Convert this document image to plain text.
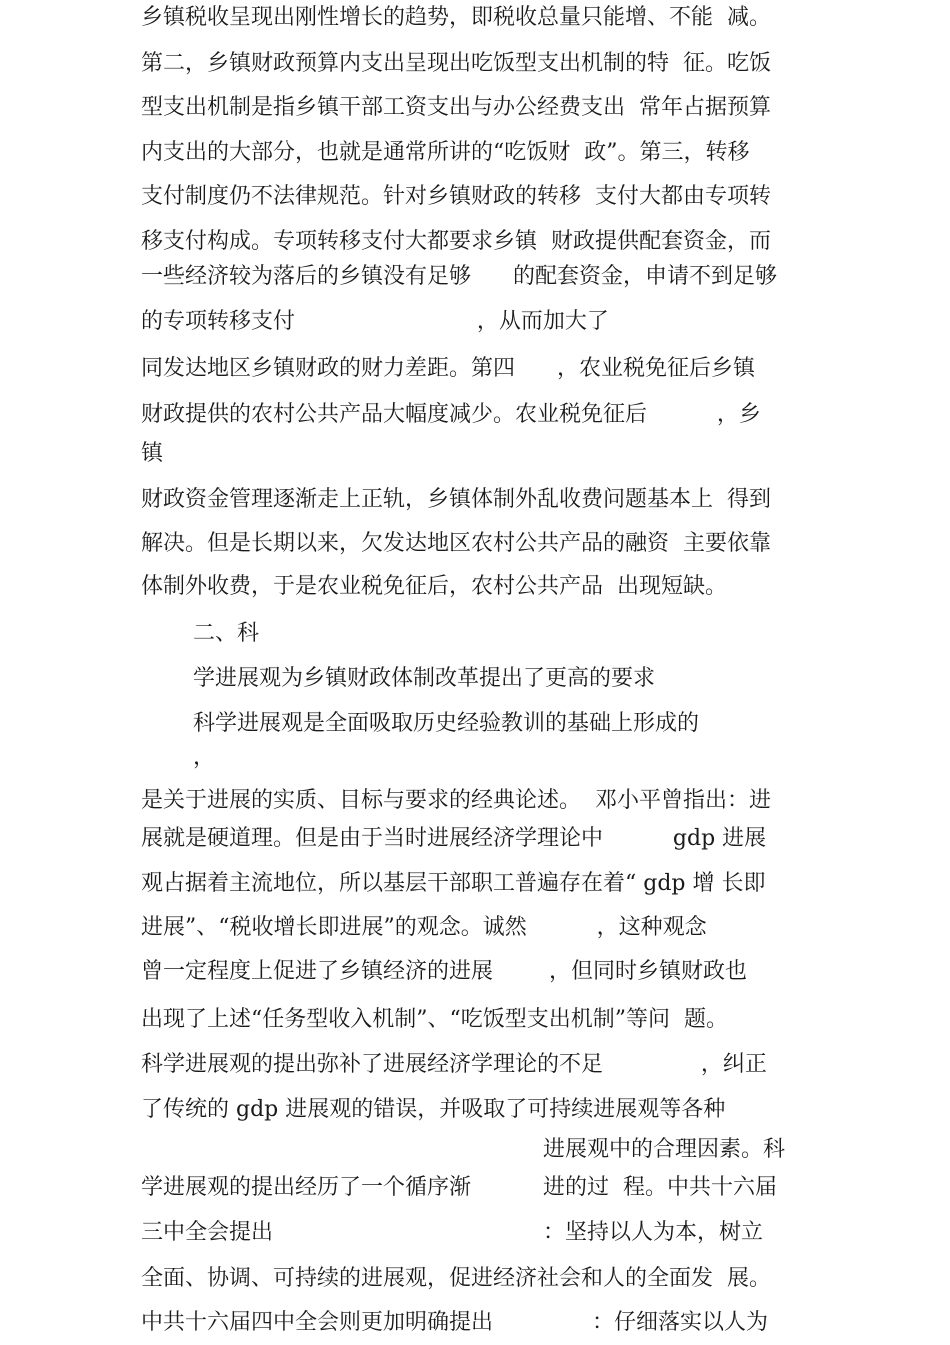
乡镇税收呈现出刚性增长的趋势，即税收总量只能增、不能  减。
第二，乡镇财政预算内支出呈现出吃饭型支出机制的特  征。吃饭
型支出机制是指乡镇干部工资支出与办公经费支出  常年占据预算
内支出的大部分，也就是通常所讲的“吃饭财  政”。第三，转移
支付制度仍不法律规范。针对乡镇财政的转移  支付大都由专项转
移支付构成。专项转移支付大都要求乡镇  财政提供配套资金，而
一些经济较为落后的乡镇没有足够      的配套资金，申请不到足够
的专项转移支付                          ，从而加大了
同发达地区乡镇财政的财力差距。第四      ，农业税免征后乡镇
财政提供的农村公共产品大幅度减少。农业税免征后          ，乡
镇
财政资金管理逐渐走上正轨，乡镇体制外乱收费问题基本上  得到
解决。但是长期以来，欠发达地区农村公共产品的融资  主要依靠
体制外收费，于是农业税免征后，农村公共产品  出现短缺。
二、科
学进展观为乡镇财政体制改革提出了更高的要求
科学进展观是全面吸取历史经验教训的基础上形成的
，
是关于进展的实质、目标与要求的经典论述。  邓小平曾指出：进
展就是硬道理。但是由于当时进展经济学理论中          gdp 进展
观占据着主流地位，所以基层干部职工普遍存在着“ gdp 增 长即
进展”、“税收增长即进展”的观念。诚然          ，这种观念
曾一定程度上促进了乡镇经济的进展        ，但同时乡镇财政也
出现了上述“任务型收入机制”、“吃饭型支出机制”等问  题。
科学进展观的提出弥补了进展经济学理论的不足              ，纠正
了传统的 gdp 进展观的错误，并吸取了可持续进展观等各种
进展观中的合理因素。科
学进展观的提出经历了一个循序渐	进的过  程。中共十六届
三中全会提出	：坚持以人为本，树立
全面、协调、可持续的进展观，促进经济社会和人的全面发  展。
中共十六届四中全会则更加明确提出	：仔细落实以人为
